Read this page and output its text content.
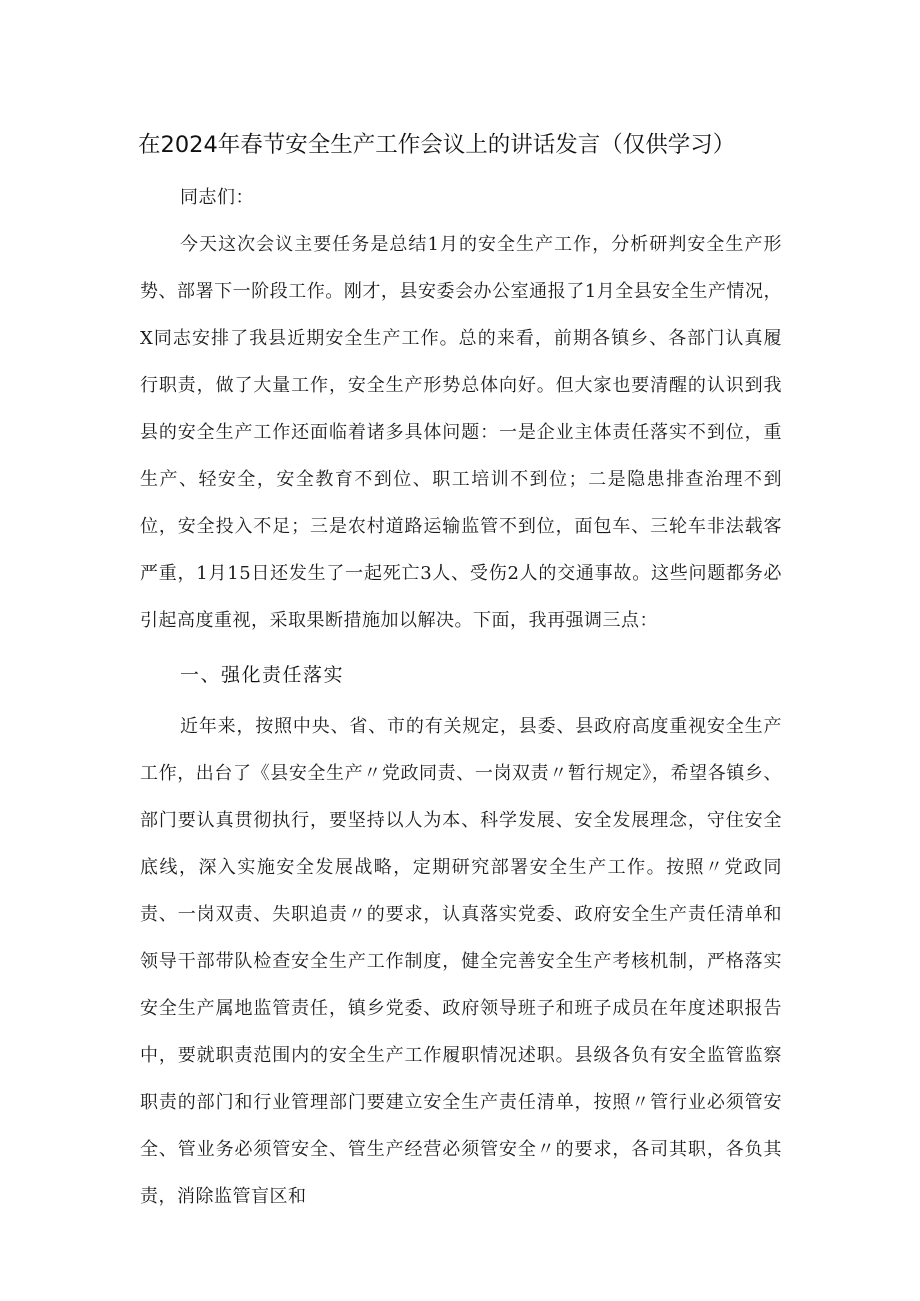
在2024年春节安全生产工作会议上的讲话发言（仅供学习）
同志们：
今天这次会议主要任务是总结1月的安全生产工作，分析研判安全生产形势、部署下一阶段工作。刚才，县安委会办公室通报了1月全县安全生产情况，X同志安排了我县近期安全生产工作。总的来看，前期各镇乡、各部门认真履行职责，做了大量工作，安全生产形势总体向好。但大家也要清醒的认识到我县的安全生产工作还面临着诸多具体问题：一是企业主体责任落实不到位，重生产、轻安全，安全教育不到位、职工培训不到位；二是隐患排查治理不到位，安全投入不足；三是农村道路运输监管不到位，面包车、三轮车非法载客严重，1月15日还发生了一起死亡3人、受伤2人的交通事故。这些问题都务必引起高度重视，采取果断措施加以解决。下面，我再强调三点：
一、强化责任落实
近年来，按照中央、省、市的有关规定，县委、县政府高度重视安全生产工作，出台了《县安全生产〃党政同责、一岗双责〃暂行规定》，希望各镇乡、部门要认真贯彻执行，要坚持以人为本、科学发展、安全发展理念，守住安全底线，深入实施安全发展战略，定期研究部署安全生产工作。按照〃党政同责、一岗双责、失职追责〃的要求，认真落实党委、政府安全生产责任清单和领导干部带队检查安全生产工作制度，健全完善安全生产考核机制，严格落实安全生产属地监管责任，镇乡党委、政府领导班子和班子成员在年度述职报告中，要就职责范围内的安全生产工作履职情况述职。县级各负有安全监管监察职责的部门和行业管理部门要建立安全生产责任清单，按照〃管行业必须管安全、管业务必须管安全、管生产经营必须管安全〃的要求，各司其职，各负其责，消除监管盲区和
